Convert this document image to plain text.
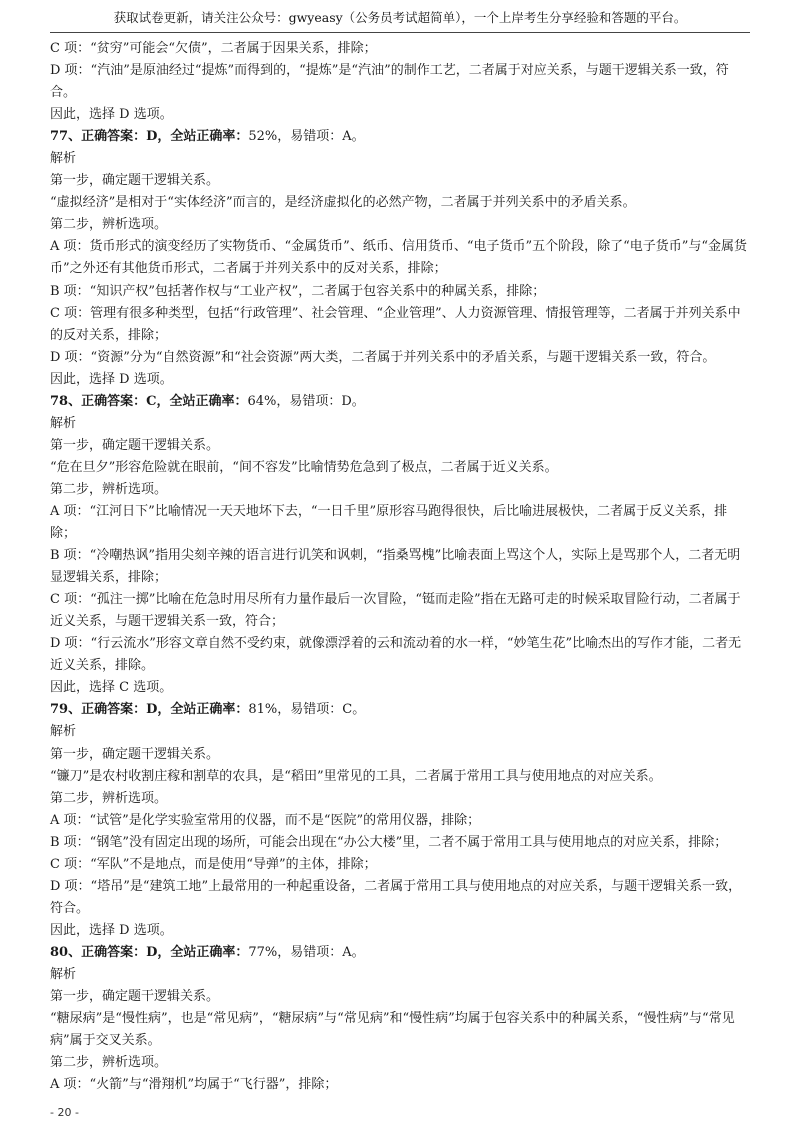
获取试卷更新，请关注公众号：gwyeasy（公务员考试超简单），一个上岸考生分享经验和答题的平台。
C 项：“贫穷”可能会“欠债”，二者属于因果关系，排除；
D 项：“汽油”是原油经过“提炼”而得到的，“提炼”是“汽油”的制作工艺，二者属于对应关系，与题干逻辑关系一致，符合。
因此，选择 D 选项。
77、正确答案：D，全站正确率：52%，易错项：A。
解析
第一步，确定题干逻辑关系。
“虚拟经济”是相对于“实体经济”而言的，是经济虚拟化的必然产物，二者属于并列关系中的矛盾关系。
第二步，辨析选项。
A 项：货币形式的演变经历了实物货币、“金属货币”、纸币、信用货币、“电子货币”五个阶段，除了“电子货币”与“金属货币”之外还有其他货币形式，二者属于并列关系中的反对关系，排除；
B 项：“知识产权”包括著作权与“工业产权”，二者属于包容关系中的种属关系，排除；
C 项：管理有很多种类型，包括“行政管理”、社会管理、“企业管理”、人力资源管理、情报管理等，二者属于并列关系中的反对关系，排除；
D 项：“资源”分为“自然资源”和“社会资源”两大类，二者属于并列关系中的矛盾关系，与题干逻辑关系一致，符合。
因此，选择 D 选项。
78、正确答案：C，全站正确率：64%，易错项：D。
解析
第一步，确定题干逻辑关系。
“危在旦夕”形容危险就在眼前，“间不容发”比喻情势危急到了极点，二者属于近义关系。
第二步，辨析选项。
A 项：“江河日下”比喻情况一天天地坏下去，“一日千里”原形容马跑得很快，后比喻进展极快，二者属于反义关系，排除；
B 项：“冷嘲热讽”指用尖刻辛辣的语言进行讥笑和讽刺，“指桑骂槐”比喻表面上骂这个人，实际上是骂那个人，二者无明显逻辑关系，排除；
C 项：“孤注一掷”比喻在危急时用尽所有力量作最后一次冒险，“铤而走险”指在无路可走的时候采取冒险行动，二者属于近义关系，与题干逻辑关系一致，符合；
D 项：“行云流水”形容文章自然不受约束，就像漂浮着的云和流动着的水一样，“妙笔生花”比喻杰出的写作才能，二者无近义关系，排除。
因此，选择 C 选项。
79、正确答案：D，全站正确率：81%，易错项：C。
解析
第一步，确定题干逻辑关系。
“镰刀”是农村收割庄稼和割草的农具，是“稻田”里常见的工具，二者属于常用工具与使用地点的对应关系。
第二步，辨析选项。
A 项：“试管”是化学实验室常用的仪器，而不是“医院”的常用仪器，排除；
B 项：“钢笔”没有固定出现的场所，可能会出现在“办公大楼”里，二者不属于常用工具与使用地点的对应关系，排除；
C 项：“军队”不是地点，而是使用“导弹”的主体，排除；
D 项：“塔吊”是“建筑工地”上最常用的一种起重设备，二者属于常用工具与使用地点的对应关系，与题干逻辑关系一致，符合。
因此，选择 D 选项。
80、正确答案：D，全站正确率：77%，易错项：A。
解析
第一步，确定题干逻辑关系。
“糖尿病”是“慢性病”，也是“常见病”，“糖尿病”与“常见病”和“慢性病”均属于包容关系中的种属关系，“慢性病”与“常见病”属于交叉关系。
第二步，辨析选项。
A 项：“火箭”与“滑翔机”均属于“飞行器”，排除；
- 20 -
